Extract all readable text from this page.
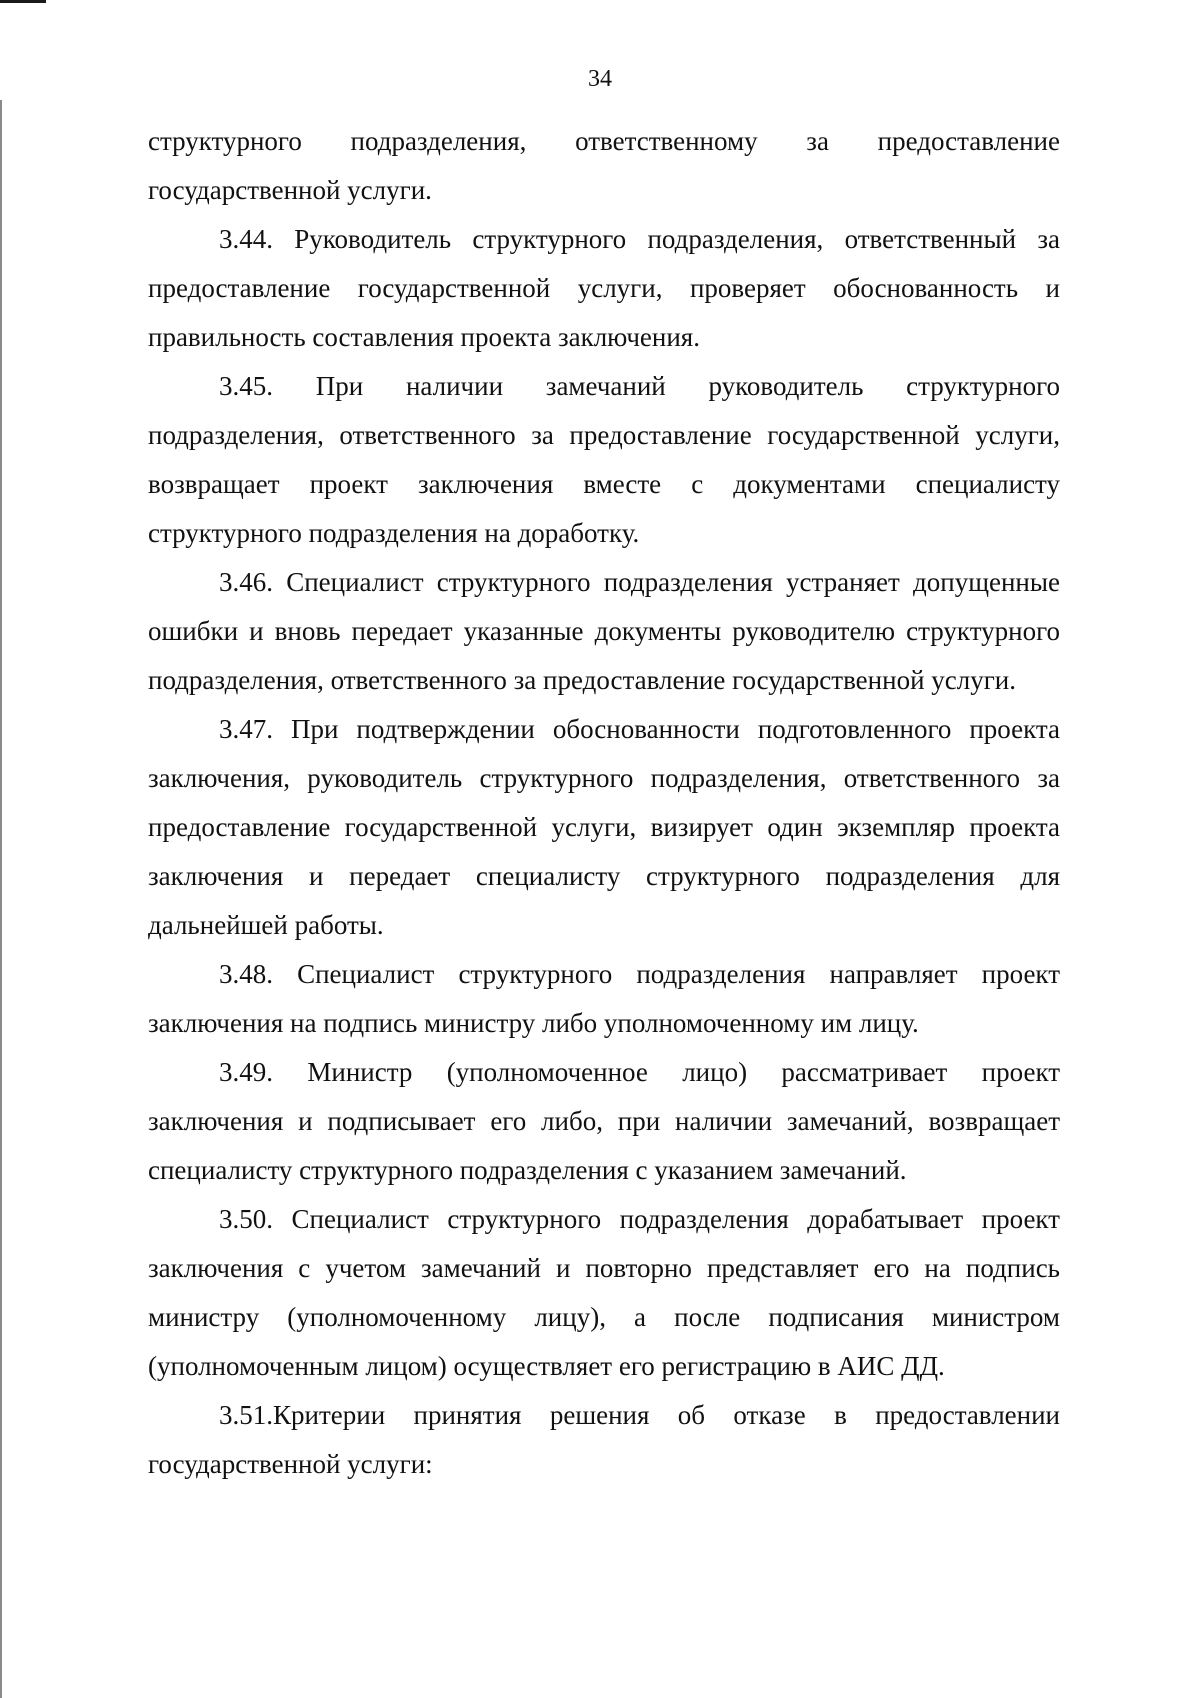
34

структурного подразделения, ответственному за предоставление
государственной услуги.

3.44. Руководитель структурного подразделения, ответственный за предоставление государственной услуги, проверяет обоснованность и правильность составления проекта заключения.

3.45. При наличии замечаний руководитель структурного подразделения, ответственного за предоставление государственной услуги, возвращает проект заключения вместе с документами специалисту структурного подразделения на доработку.

3.46. Специалист структурного подразделения устраняет допущенные ошибки и вновь передает указанные документы руководителю структурного подразделения, ответственного за предоставление государственной услуги.

3.47. При подтверждении обоснованности подготовленного проекта заключения, руководитель структурного подразделения, ответственного за предоставление государственной услуги, визирует один экземпляр проекта заключения и передает специалисту структурного подразделения для дальнейшей работы.

3.48. Специалист структурного подразделения направляет проект заключения на подпись министру либо уполномоченному им лицу.

3.49. Министр (уполномоченное лицо) рассматривает проект заключения и подписывает его либо, при наличии замечаний, возвращает специалисту структурного подразделения с указанием замечаний.

3.50. Специалист структурного подразделения дорабатывает проект заключения с учетом замечаний и повторно представляет его на подпись министру (уполномоченному лицу), а после подписания министром (уполномоченным лицом) осуществляет его регистрацию в АИС ДД.

3.51.Критерии принятия решения об отказе в предоставлении государственной услуги:
